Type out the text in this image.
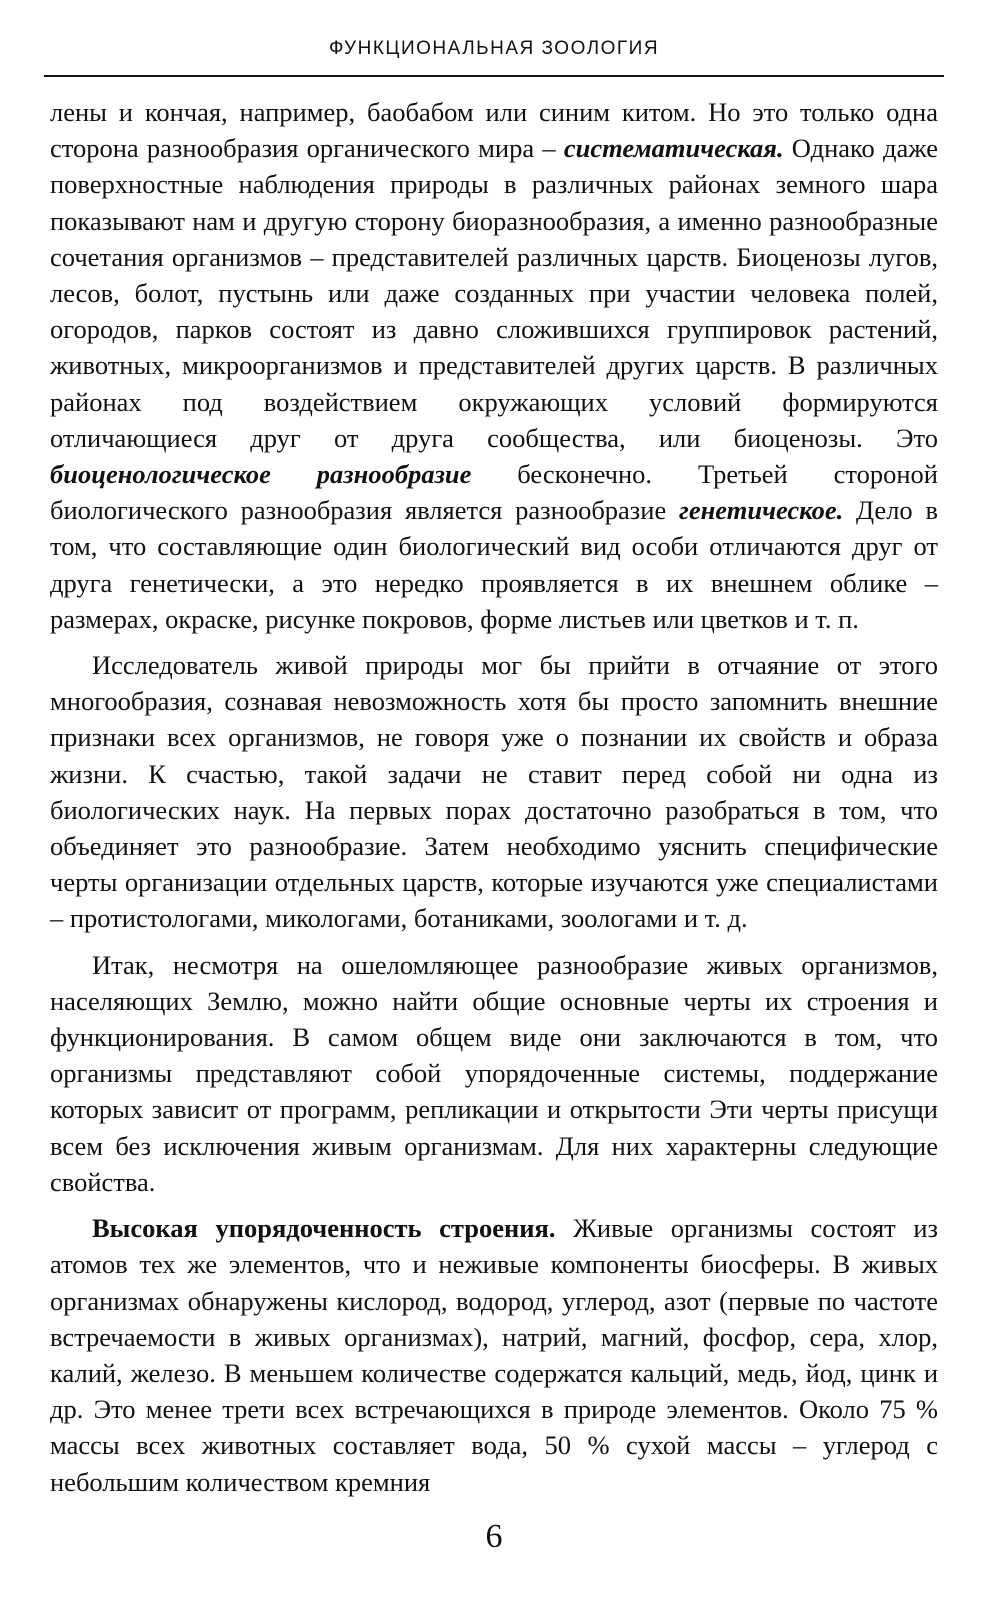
ФУНКЦИОНАЛЬНАЯ ЗООЛОГИЯ

лены и кончая, например, баобабом или синим китом. Но это только одна сторона разнообразия органического мира – систематическая. Однако даже поверхностные наблюдения природы в различных районах земного шара показывают нам и другую сторону биоразнообразия, а именно разнообразные сочетания организмов – представителей различных царств. Биоценозы лугов, лесов, болот, пустынь или даже созданных при участии человека полей, огородов, парков состоят из давно сложившихся группировок растений, животных, микроорганизмов и представителей других царств. В различных районах под воздействием окружающих условий формируются отличающиеся друг от друга сообщества, или биоценозы. Это биоценологическое разнообразие бесконечно. Третьей стороной биологического разнообразия является разнообразие генетическое. Дело в том, что составляющие один биологический вид особи отличаются друг от друга генетически, а это нередко проявляется в их внешнем облике – размерах, окраске, рисунке покровов, форме листьев или цветков и т. п.

Исследователь живой природы мог бы прийти в отчаяние от этого многообразия, сознавая невозможность хотя бы просто запомнить внешние признаки всех организмов, не говоря уже о познании их свойств и образа жизни. К счастью, такой задачи не ставит перед собой ни одна из биологических наук. На первых порах достаточно разобраться в том, что объединяет это разнообразие. Затем необходимо уяснить специфические черты организации отдельных царств, которые изучаются уже специалистами – протистологами, микологами, ботаниками, зоологами и т. д.

Итак, несмотря на ошеломляющее разнообразие живых организмов, населяющих Землю, можно найти общие основные черты их строения и функционирования. В самом общем виде они заключаются в том, что организмы представляют собой упорядоченные системы, поддержание которых зависит от программ, репликации и открытости Эти черты присущи всем без исключения живым организмам. Для них характерны следующие свойства.

Высокая упорядоченность строения. Живые организмы состоят из атомов тех же элементов, что и неживые компоненты биосферы. В живых организмах обнаружены кислород, водород, углерод, азот (первые по частоте встречаемости в живых организмах), натрий, магний, фосфор, сера, хлор, калий, железо. В меньшем количестве содержатся кальций, медь, йод, цинк и др. Это менее трети всех встречающихся в природе элементов. Около 75 % массы всех животных составляет вода, 50 % сухой массы – углерод с небольшим количеством кремния

6
